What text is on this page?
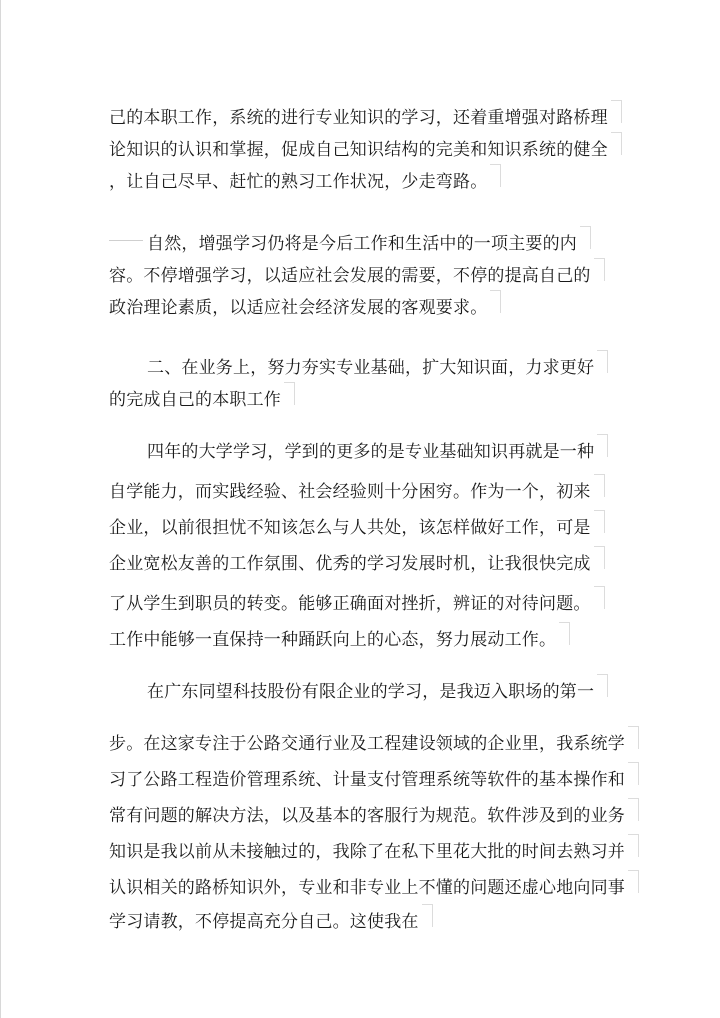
己的本职工作，系统的进行专业知识的学习，还着重增强对路桥理
论知识的认识和掌握，促成自己知识结构的完美和知识系统的健全
，让自己尽早、赶忙的熟习工作状况，少走弯路。
自然，增强学习仍将是今后工作和生活中的一项主要的内
容。不停增强学习，以适应社会发展的需要，不停的提高自己的
政治理论素质，以适应社会经济发展的客观要求。
二、在业务上，努力夯实专业基础，扩大知识面，力求更好
的完成自己的本职工作
四年的大学学习，学到的更多的是专业基础知识再就是一种
自学能力，而实践经验、社会经验则十分困穷。作为一个，初来
企业，以前很担忧不知该怎么与人共处，该怎样做好工作，可是
企业宽松友善的工作氛围、优秀的学习发展时机，让我很快完成
了从学生到职员的转变。能够正确面对挫折，辨证的对待问题。
工作中能够一直保持一种踊跃向上的心态，努力展动工作。
在广东同望科技股份有限企业的学习，是我迈入职场的第一
步。在这家专注于公路交通行业及工程建设领域的企业里，我系统学
习了公路工程造价管理系统、计量支付管理系统等软件的基本操作和
常有问题的解决方法，以及基本的客服行为规范。软件涉及到的业务
知识是我以前从未接触过的，我除了在私下里花大批的时间去熟习并
认识相关的路桥知识外，专业和非专业上不懂的问题还虚心地向同事
学习请教，不停提高充分自己。这使我在
